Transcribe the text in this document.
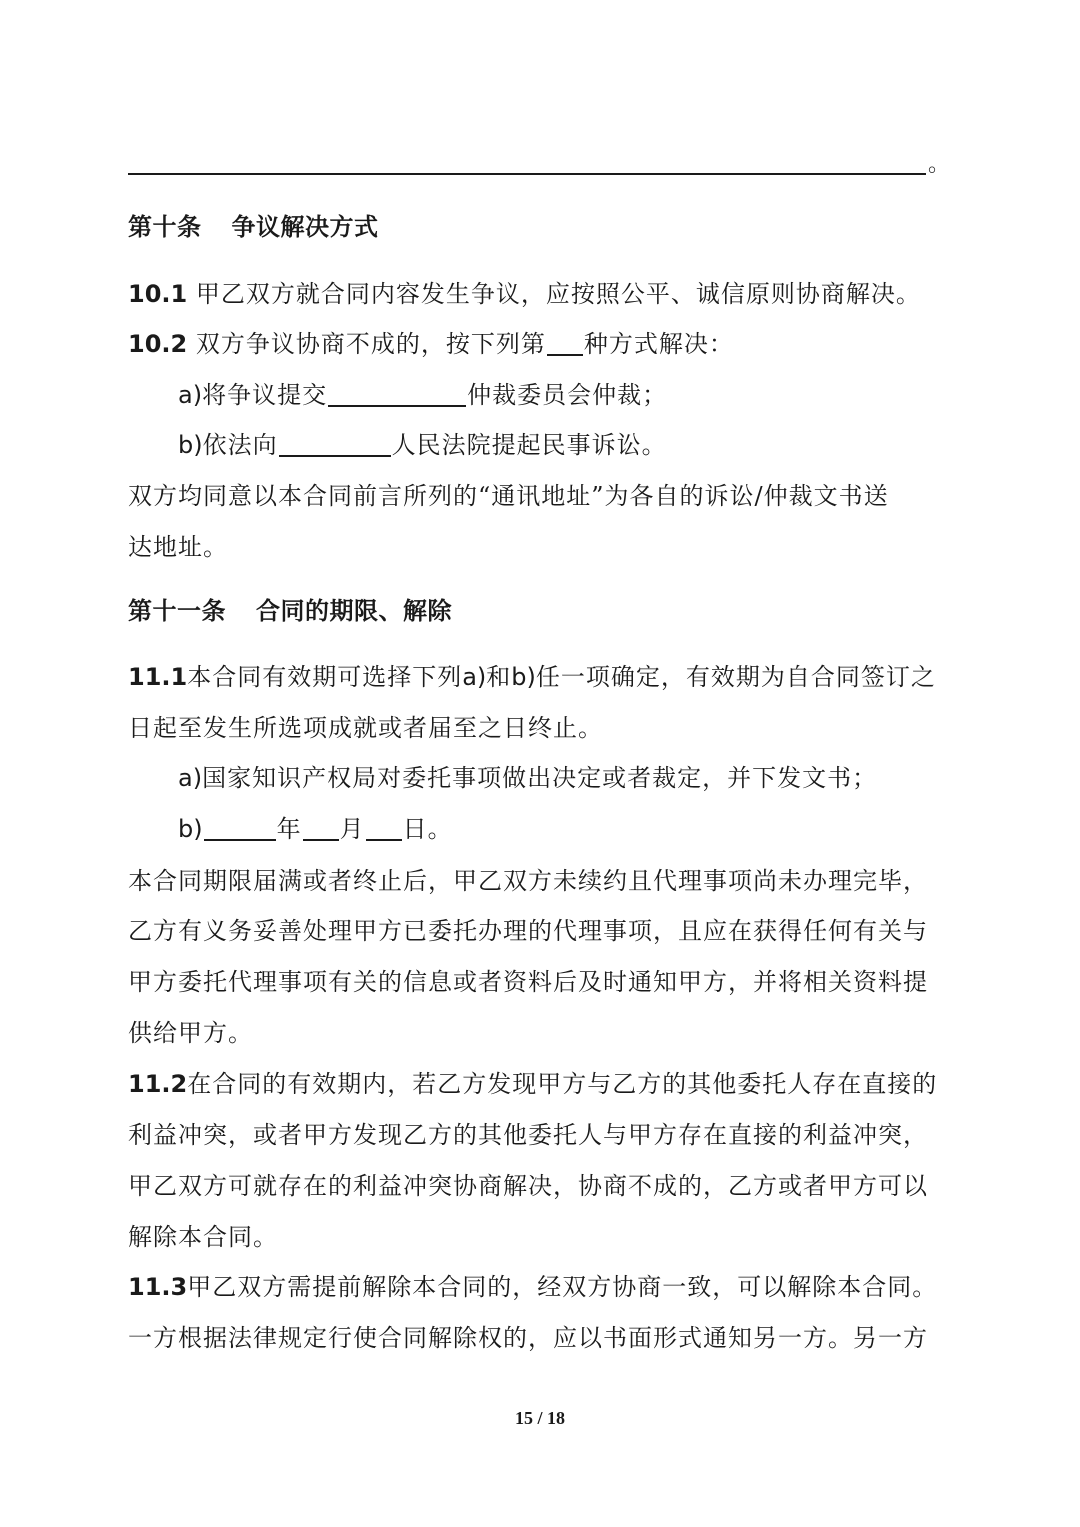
。
第十条 争议解决方式
10.1 甲乙双方就合同内容发生争议，应按照公平、诚信原则协商解决。
10.2 双方争议协商不成的，按下列第 种方式解决：
a)将争议提交	仲裁委员会仲裁；
b)依法向	人民法院提起民事诉讼。
双方均同意以本合同前言所列的“通讯地址”为各自的诉讼/仲裁文书送
达地址。
第十一条 合同的期限、解除
11.1本合同有效期可选择下列a)和b)任一项确定，有效期为自合同签订之
日起至发生所选项成就或者届至之日终止。
a)国家知识产权局对委托事项做出决定或者裁定，并下发文书；
b)	年 月 日。
本合同期限届满或者终止后，甲乙双方未续约且代理事项尚未办理完毕，
乙方有义务妥善处理甲方已委托办理的代理事项，且应在获得任何有关与
甲方委托代理事项有关的信息或者资料后及时通知甲方，并将相关资料提
供给甲方。
11.2在合同的有效期内，若乙方发现甲方与乙方的其他委托人存在直接的
利益冲突，或者甲方发现乙方的其他委托人与甲方存在直接的利益冲突，
甲乙双方可就存在的利益冲突协商解决，协商不成的，乙方或者甲方可以
解除本合同。
11.3甲乙双方需提前解除本合同的，经双方协商一致，可以解除本合同。
一方根据法律规定行使合同解除权的，应以书面形式通知另一方。另一方
15 / 18
